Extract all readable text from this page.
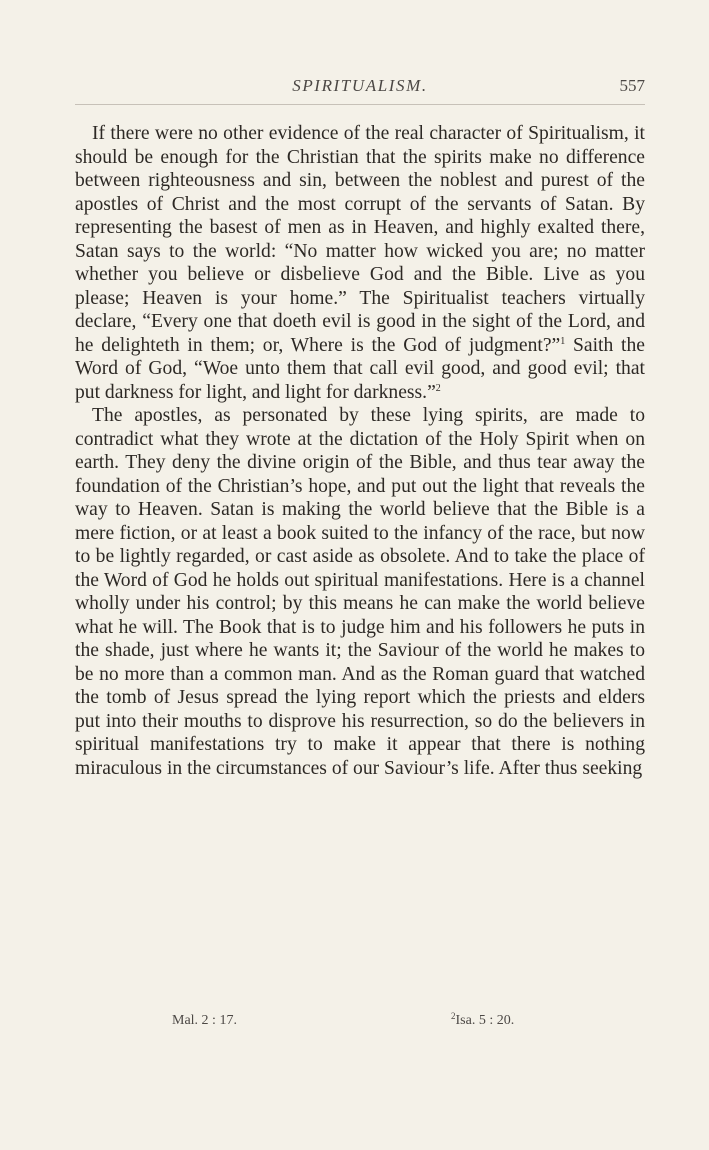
SPIRITUALISM.	557

If there were no other evidence of the real character of Spiritualism, it should be enough for the Christian that the spirits make no difference between righteousness and sin, between the noblest and purest of the apostles of Christ and the most corrupt of the servants of Satan. By representing the basest of men as in Heaven, and highly exalted there, Satan says to the world: “No matter how wicked you are; no matter whether you believe or disbelieve God and the Bible. Live as you please; Heaven is your home.” The Spiritualist teachers virtually declare, “Every one that doeth evil is good in the sight of the Lord, and he delighteth in them; or, Where is the God of judgment?”$^1$ Saith the Word of God, “Woe unto them that call evil good, and good evil; that put darkness for light, and light for darkness.”$^2$

The apostles, as personated by these lying spirits, are made to contradict what they wrote at the dictation of the Holy Spirit when on earth. They deny the divine origin of the Bible, and thus tear away the foundation of the Christian’s hope, and put out the light that reveals the way to Heaven. Satan is making the world believe that the Bible is a mere fiction, or at least a book suited to the infancy of the race, but now to be lightly regarded, or cast aside as obsolete. And to take the place of the Word of God he holds out spiritual manifestations. Here is a channel wholly under his control; by this means he can make the world believe what he will. The Book that is to judge him and his followers he puts in the shade, just where he wants it; the Saviour of the world he makes to be no more than a common man. And as the Roman guard that watched the tomb of Jesus spread the lying report which the priests and elders put into their mouths to disprove his resurrection, so do the believers in spiritual manifestations try to make it appear that there is nothing miraculous in the circumstances of our Saviour’s life. After thus seeking

Mal. 2 : 17.	$^2$Isa. 5 : 20.
